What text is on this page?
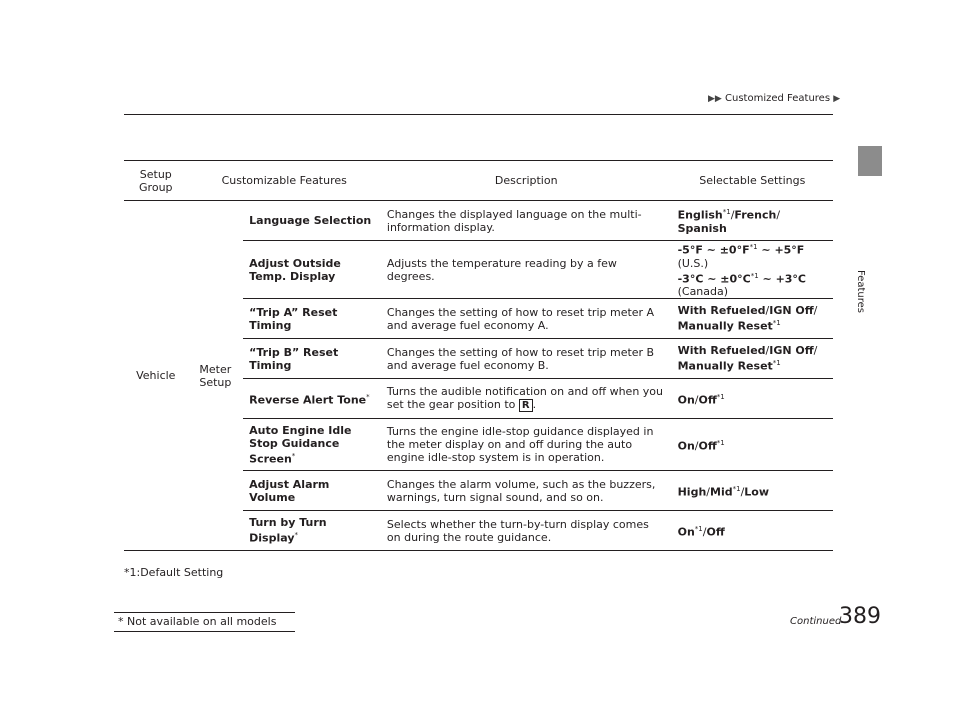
▶▶ Customized Features ▶
Features
Setup Group	Customizable Features		Description	Selectable Settings
Vehicle	Meter Setup	Language Selection	Changes the displayed language on the multi-information display.	English$^{*1}$/French/
Spanish
		Adjust Outside Temp. Display	Adjusts the temperature reading by a few degrees.	-5°F ~ $\pm 0^\circ F^{*1}$ ~ +5°F
(U.S.)
-3°C ~ $\pm 0^\circ C^{*1}$ ~ +3°C
(Canada)
		“Trip A” Reset Timing	Changes the setting of how to reset trip meter A and average fuel economy A.	With Refueled/IGN Off/
Manually Reset$^{*1}$
		“Trip B” Reset Timing	Changes the setting of how to reset trip meter B and average fuel economy B.	With Refueled/IGN Off/
Manually Reset$^{*1}$
		Reverse Alert Tone*	Turns the audible notification on and off when you set the gear position to R .	On/Off$^{*1}$
		Auto Engine Idle Stop Guidance Screen*	Turns the engine idle-stop guidance displayed in the meter display on and off during the auto engine idle-stop system is in operation.	On/Off$^{*1}$
		Adjust Alarm Volume	Changes the alarm volume, such as the buzzers, warnings, turn signal sound, and so on.	High/Mid$^{*1}$/Low
		Turn by Turn Display*	Selects whether the turn-by-turn display comes on during the route guidance.	On$^{*1}$/Off
*1:Default Setting
* Not available on all models	Continued
389
